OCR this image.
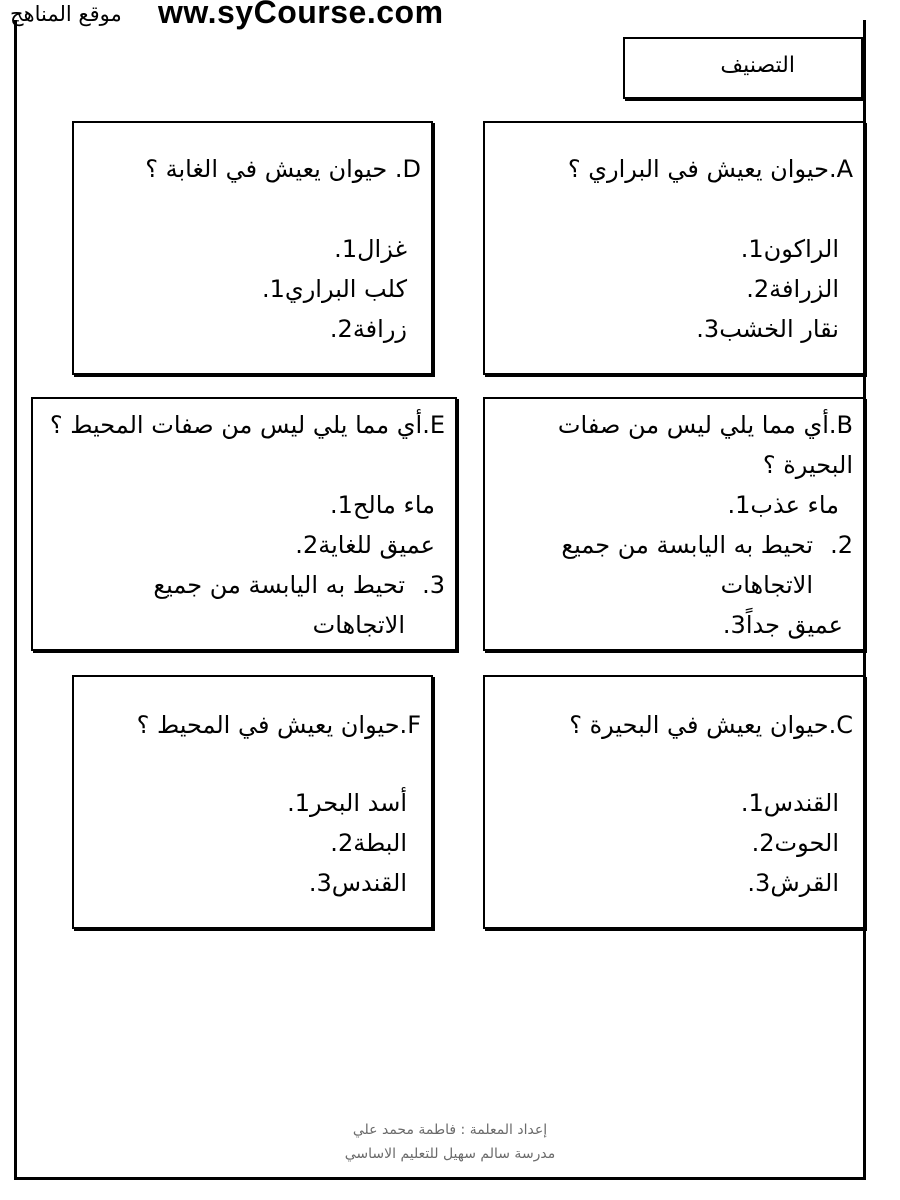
موقع المناهج ww.syCourse.com
التصنيف
A.حيوان يعيش في البراري ؟
الراكون1.
الزرافة2.
نقار الخشب3.
D. حيوان يعيش في الغابة ؟
غزال1.
كلب البراري1.
زرافة2.
B.أي مما يلي ليس من صفات البحيرة ؟
ماء عذب1.
2.
تحيط به اليابسة من جميع الاتجاهات
عميق جداً3.
E.أي مما يلي ليس من صفات المحيط ؟
ماء مالح1.
عميق للغاية2.
3.
تحيط به اليابسة من جميع الاتجاهات
C.حيوان يعيش في البحيرة ؟
القندس1.
الحوت2.
القرش3.
F.حيوان يعيش في المحيط ؟
أسد البحر1.
البطة2.
القندس3.
إعداد المعلمة : فاطمة محمد علي
مدرسة سالم سهيل للتعليم الاساسي
